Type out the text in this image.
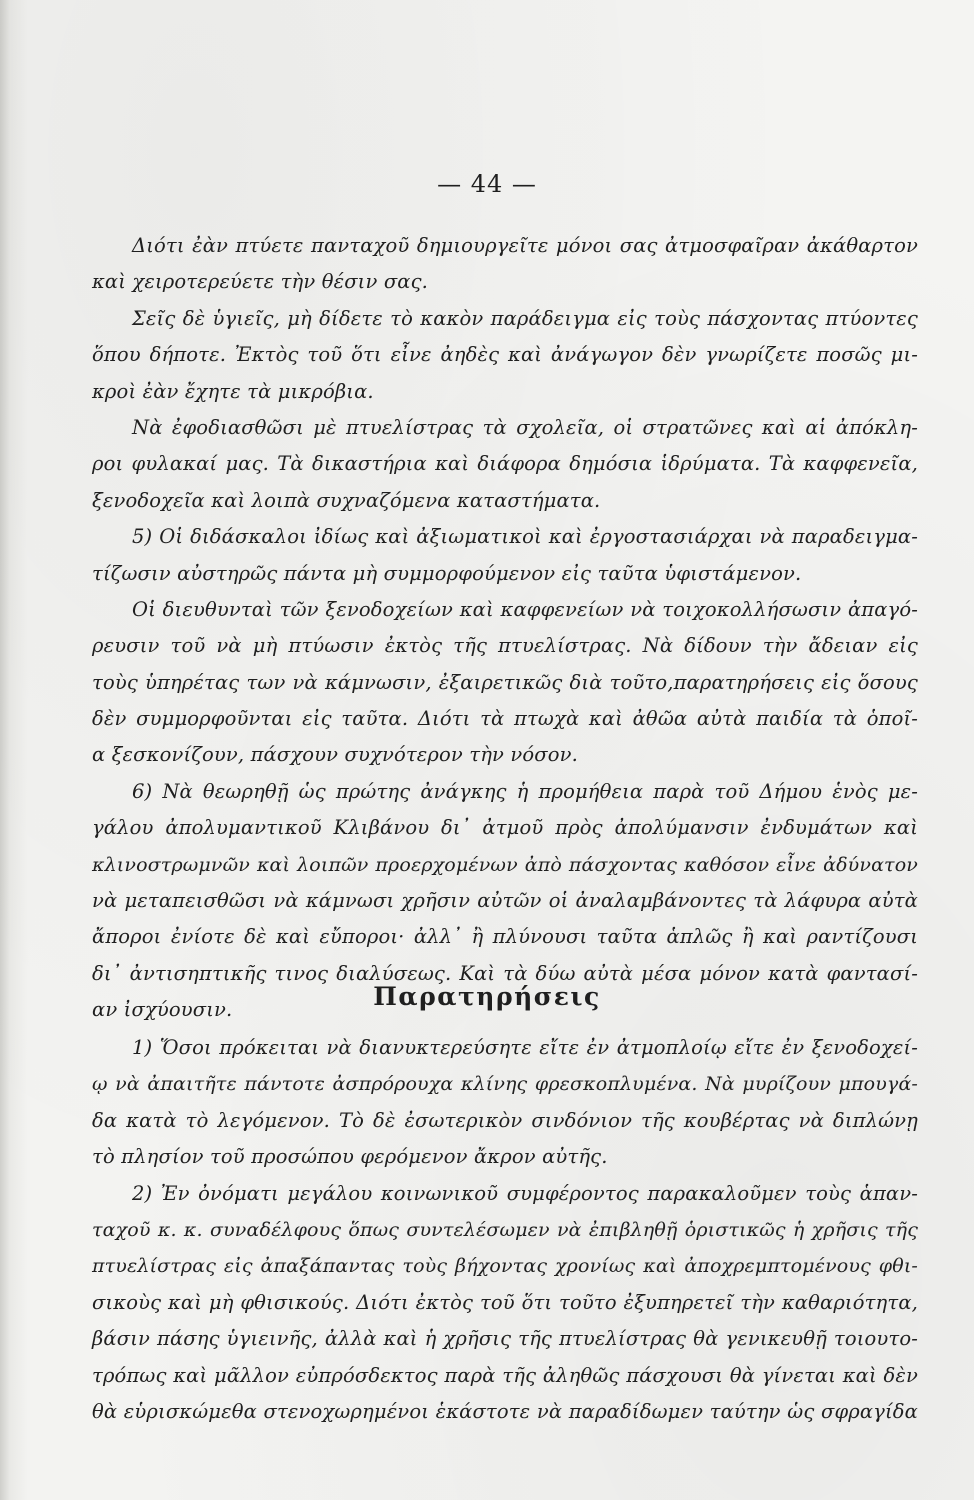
— 44 —
Διότι ἐὰν πτύετε πανταχοῦ δημιουργεῖτε μόνοι σας ἀτμοσφαῖραν ἀκάθαρτον
καὶ χειροτερεύετε τὴν θέσιν σας.
Σεῖς δὲ ὑγιεῖς, μὴ δίδετε τὸ κακὸν παράδειγμα εἰς τοὺς πάσχοντας πτύοντες
ὅπου δήποτε. Ἐκτὸς τοῦ ὅτι εἶνε ἀηδὲς καὶ ἀνάγωγον δὲν γνωρίζετε ποσῶς μι-
κροὶ ἐὰν ἔχητε τὰ μικρόβια.
Νὰ ἐφοδιασθῶσι μὲ πτυελίστρας τὰ σχολεῖα, οἱ στρατῶνες καὶ αἱ ἀπόκλη-
ροι φυλακαί μας. Τὰ δικαστήρια καὶ διάφορα δημόσια ἱδρύματα. Τὰ καφφενεῖα,
ξενοδοχεῖα καὶ λοιπὰ συχναζόμενα καταστήματα.
5) Οἱ διδάσκαλοι ἰδίως καὶ ἀξιωματικοὶ καὶ ἐργοστασιάρχαι νὰ παραδειγμα-
τίζωσιν αὐστηρῶς πάντα μὴ συμμορφούμενον εἰς ταῦτα ὑφιστάμενον.
Οἱ διευθυνταὶ τῶν ξενοδοχείων καὶ καφφενείων νὰ τοιχοκολλήσωσιν ἀπαγό-
ρευσιν τοῦ νὰ μὴ πτύωσιν ἐκτὸς τῆς πτυελίστρας. Νὰ δίδουν τὴν ἄδειαν εἰς
τοὺς ὑπηρέτας των νὰ κάμνωσιν, ἐξαιρετικῶς διὰ τοῦτο,παρατηρήσεις εἰς ὅσους
δὲν συμμορφοῦνται εἰς ταῦτα. Διότι τὰ πτωχὰ καὶ ἀθῶα αὐτὰ παιδία τὰ ὁποῖ-
α ξεσκονίζουν, πάσχουν συχνότερον τὴν νόσον.
6) Νὰ θεωρηθῇ ὡς πρώτης ἀνάγκης ἡ προμήθεια παρὰ τοῦ Δήμου ἑνὸς με-
γάλου ἀπολυμαντικοῦ Κλιβάνου δι᾽ ἀτμοῦ πρὸς ἀπολύμανσιν ἐνδυμάτων καὶ
κλινοστρωμνῶν καὶ λοιπῶν προερχομένων ἀπὸ πάσχοντας καθόσον εἶνε ἀδύνατον
νὰ μεταπεισθῶσι νὰ κάμνωσι χρῆσιν αὐτῶν οἱ ἀναλαμβάνοντες τὰ λάφυρα αὐτὰ
ἄποροι ἐνίοτε δὲ καὶ εὔποροι· ἀλλ᾽ ἢ πλύνουσι ταῦτα ἁπλῶς ἢ καὶ ραντίζουσι
δι᾽ ἀντισηπτικῆς τινος διαλύσεως. Καὶ τὰ δύω αὐτὰ μέσα μόνον κατὰ φαντασί-
αν ἰσχύουσιν.	Παρατηρήσεις
1) Ὅσοι πρόκειται νὰ διανυκτερεύσητε εἴτε ἐν ἀτμοπλοίῳ εἴτε ἐν ξενοδοχεί-
ῳ νὰ ἀπαιτῆτε πάντοτε ἀσπρόρουχα κλίνης φρεσκοπλυμένα. Νὰ μυρίζουν μπουγά-
δα κατὰ τὸ λεγόμενον. Τὸ δὲ ἐσωτερικὸν σινδόνιον τῆς κουβέρτας νὰ διπλώνῃ
τὸ πλησίον τοῦ προσώπου φερόμενον ἄκρον αὐτῆς.
2) Ἐν ὀνόματι μεγάλου κοινωνικοῦ συμφέροντος παρακαλοῦμεν τοὺς ἁπαν-
ταχοῦ κ. κ. συναδέλφους ὅπως συντελέσωμεν νὰ ἐπιβληθῇ ὁριστικῶς ἡ χρῆσις τῆς
πτυελίστρας εἰς ἀπαξάπαντας τοὺς βήχοντας χρονίως καὶ ἀποχρεμπτομένους φθι-
σικοὺς καὶ μὴ φθισικούς. Διότι ἐκτὸς τοῦ ὅτι τοῦτο ἐξυπηρετεῖ τὴν καθαριότητα,
βάσιν πάσης ὑγιεινῆς, ἀλλὰ καὶ ἡ χρῆσις τῆς πτυελίστρας θὰ γενικευθῇ τοιουτο-
τρόπως καὶ μᾶλλον εὐπρόσδεκτος παρὰ τῆς ἀληθῶς πάσχουσι θὰ γίνεται καὶ δὲν
θὰ εὑρισκώμεθα στενοχωρημένοι ἑκάστοτε νὰ παραδίδωμεν ταύτην ὡς σφραγίδα
